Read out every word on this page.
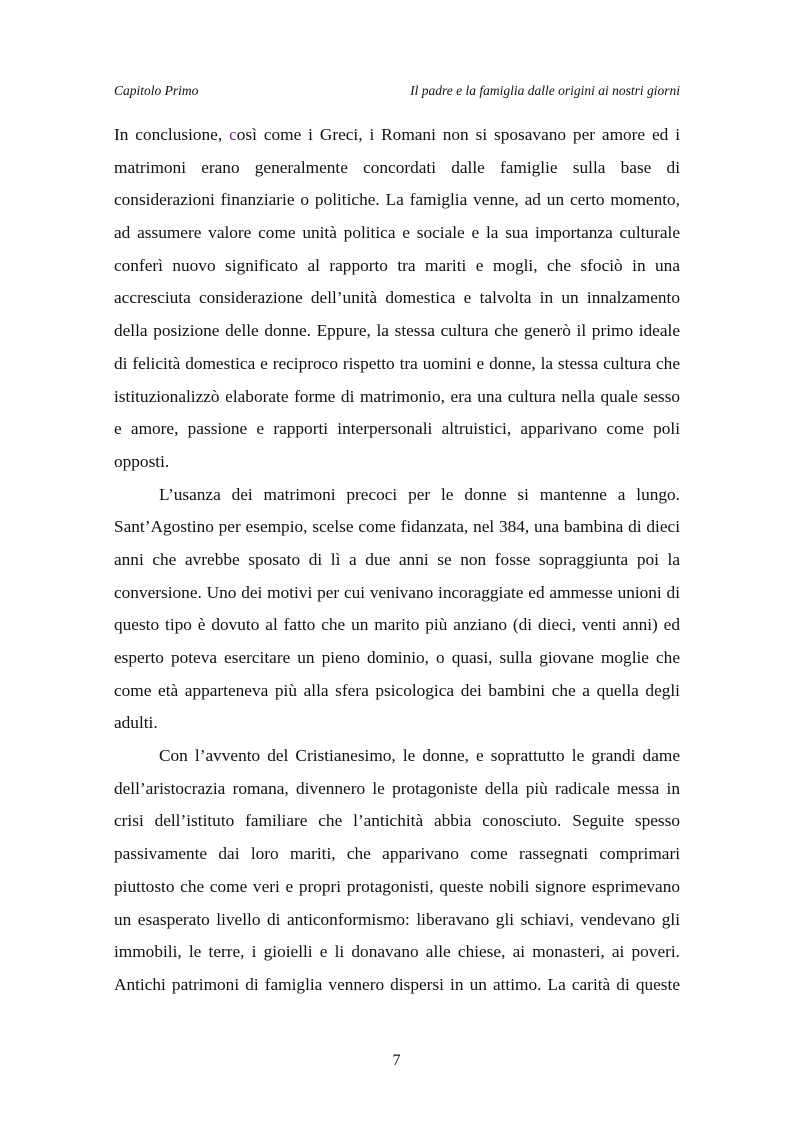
Capitolo Primo	Il padre e la famiglia dalle origini ai nostri giorni
In conclusione, così come i Greci, i Romani non si sposavano per amore ed i
matrimoni erano generalmente concordati dalle famiglie sulla base di
considerazioni finanziarie o politiche. La famiglia venne, ad un certo momento,
ad assumere valore come unità politica e sociale e la sua importanza culturale
conferì nuovo significato al rapporto tra mariti e mogli, che sfociò in una
accresciuta considerazione dell’unità domestica e talvolta in un innalzamento
della posizione delle donne. Eppure, la stessa cultura che generò il primo ideale
di felicità domestica e reciproco rispetto tra uomini e donne, la stessa cultura che
istituzionalizzò elaborate forme di matrimonio, era una cultura nella quale sesso
e amore, passione e rapporti interpersonali altruistici, apparivano come poli
opposti.
L’usanza dei matrimoni precoci per le donne si mantenne a lungo.
Sant’Agostino per esempio, scelse come fidanzata, nel 384, una bambina di dieci
anni che avrebbe sposato di lì a due anni se non fosse sopraggiunta poi la
conversione. Uno dei motivi per cui venivano incoraggiate ed ammesse unioni di
questo tipo è dovuto al fatto che un marito più anziano (di dieci, venti anni) ed
esperto poteva esercitare un pieno dominio, o quasi, sulla giovane moglie che
come età apparteneva più alla sfera psicologica dei bambini che a quella degli
adulti.
Con l’avvento del Cristianesimo, le donne, e soprattutto le grandi dame
dell’aristocrazia romana, divennero le protagoniste della più radicale messa in
crisi dell’istituto familiare che l’antichità abbia conosciuto. Seguite spesso
passivamente dai loro mariti, che apparivano come rassegnati comprimari
piuttosto che come veri e propri protagonisti, queste nobili signore esprimevano
un esasperato livello di anticonformismo: liberavano gli schiavi, vendevano gli
immobili, le terre, i gioielli e li donavano alle chiese, ai monasteri, ai poveri.
Antichi patrimoni di famiglia vennero dispersi in un attimo. La carità di queste
7
